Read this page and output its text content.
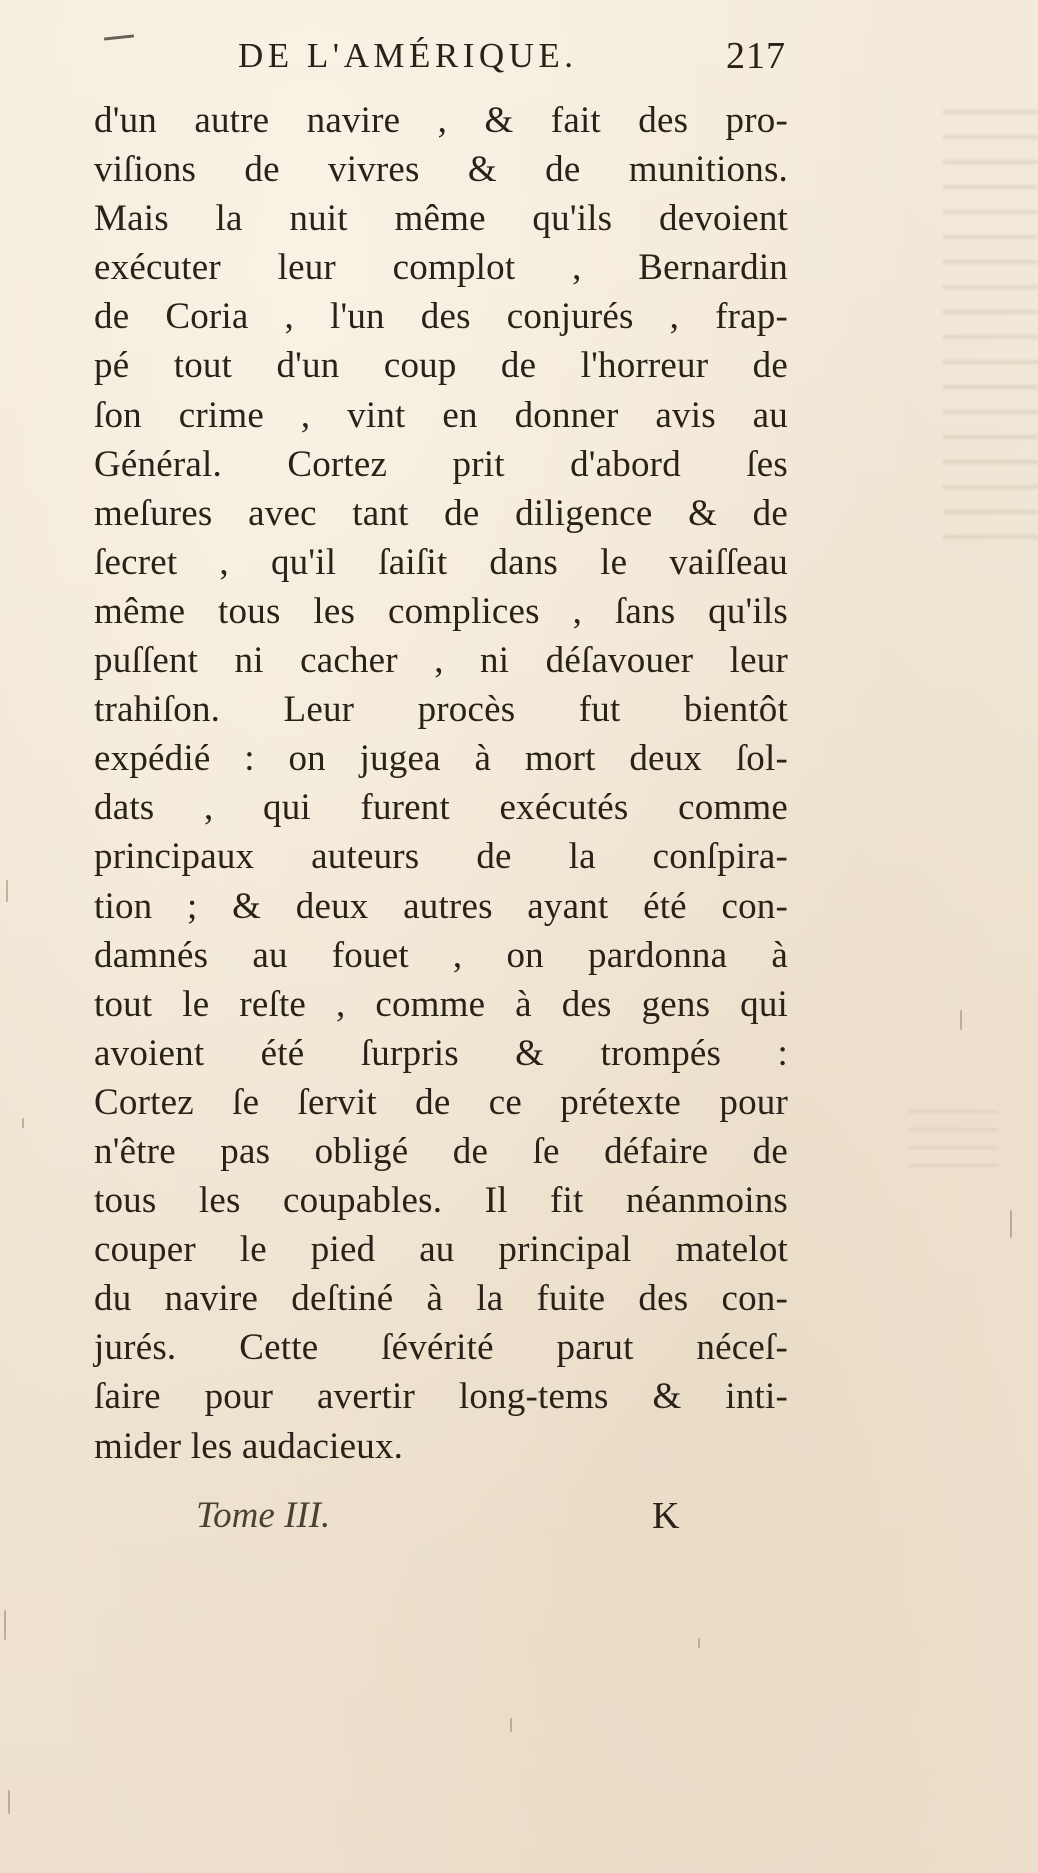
DE L'AMÉRIQUE.	217
d'un autre navire , & fait des pro-
viſions de vivres & de munitions.
Mais la nuit même qu'ils devoient
exécuter leur complot , Bernardin
de Coria , l'un des conjurés , frap-
pé tout d'un coup de l'horreur de
ſon crime , vint en donner avis au
Général. Cortez prit d'abord ſes
meſures avec tant de diligence & de
ſecret , qu'il ſaiſit dans le vaiſſeau
même tous les complices , ſans qu'ils
puſſent ni cacher , ni déſavouer leur
trahiſon. Leur procès fut bientôt
expédié : on jugea à mort deux ſol-
dats , qui furent exécutés comme
principaux auteurs de la conſpira-
tion ; & deux autres ayant été con-
damnés au fouet , on pardonna à
tout le reſte , comme à des gens qui
avoient été ſurpris & trompés :
Cortez ſe ſervit de ce prétexte pour
n'être pas obligé de ſe défaire de
tous les coupables. Il fit néanmoins
couper le pied au principal matelot
du navire deſtiné à la fuite des con-
jurés. Cette ſévérité parut néceſ-
ſaire pour avertir long-tems & inti-
mider les audacieux.
Tome III.	K
